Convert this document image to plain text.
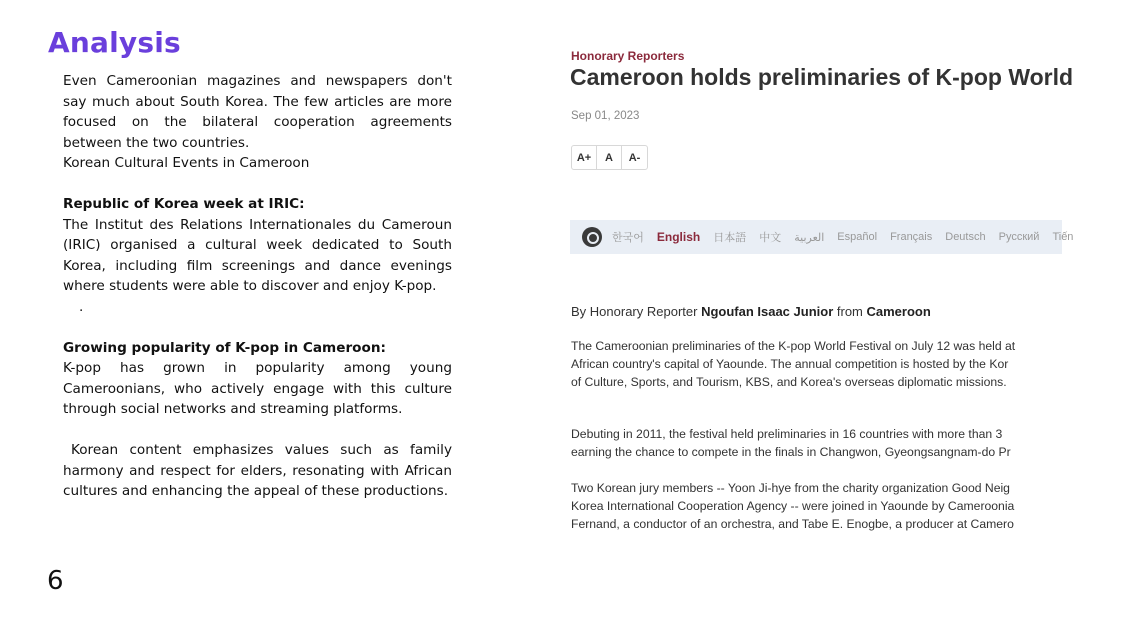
Analysis

Even Cameroonian magazines and newspapers don't say much about South Korea. The few articles are more focused on the bilateral cooperation agreements between the two countries.

Korean Cultural Events in Cameroon

Republic of Korea week at IRIC:

The Institut des Relations Internationales du Cameroun (IRIC) organised a cultural week dedicated to South Korea, including film screenings and dance evenings where students were able to discover and enjoy K-pop.

.

Growing popularity of K-pop in Cameroon:

K-pop has grown in popularity among young Cameroonians, who actively engage with this culture through social networks and streaming platforms.

Korean content emphasizes values such as family harmony and respect for elders, resonating with African cultures and enhancing the appeal of these productions.

6
Honorary Reporters
Cameroon holds preliminaries of K-pop World
Sep 01, 2023
A+	A	A-
한국어 English 日本語 中文 العربية Español Français Deutsch Русский Tiến
By Honorary Reporter Ngoufan Isaac Junior from Cameroon
The Cameroonian preliminaries of the K-pop World Festival on July 12 was held at
African country's capital of Yaounde. The annual competition is hosted by the Kor
of Culture, Sports, and Tourism, KBS, and Korea's overseas diplomatic missions.
Debuting in 2011, the festival held preliminaries in 16 countries with more than 3
earning the chance to compete in the finals in Changwon, Gyeongsangnam-do Pr
Two Korean jury members -- Yoon Ji-hye from the charity organization Good Neig
Korea International Cooperation Agency -- were joined in Yaounde by Cameroonia
Fernand, a conductor of an orchestra, and Tabe E. Enogbe, a producer at Camero
